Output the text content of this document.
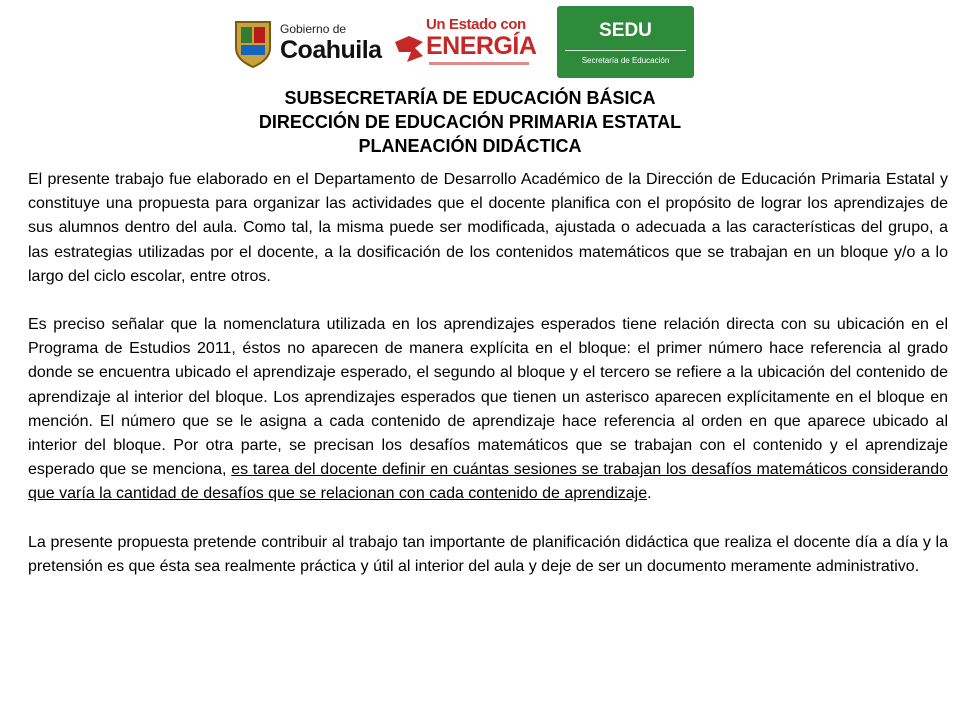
Gobierno de
Coahuila
Un Estado con
ENERGÍA
SEDU
Secretaría de Educación
SUBSECRETARÍA DE EDUCACIÓN BÁSICA
DIRECCIÓN DE EDUCACIÓN PRIMARIA ESTATAL
PLANEACIÓN DIDÁCTICA

El presente trabajo fue elaborado en el Departamento de Desarrollo Académico de la Dirección de Educación Primaria Estatal y constituye una propuesta para organizar las actividades que el docente planifica con el propósito de lograr los aprendizajes de sus alumnos dentro del aula. Como tal, la misma puede ser modificada, ajustada o adecuada a las características del grupo, a las estrategias utilizadas por el docente, a la dosificación de los contenidos matemáticos que se trabajan en un bloque y/o a lo largo del ciclo escolar, entre otros.

Es preciso señalar que la nomenclatura utilizada en los aprendizajes esperados tiene relación directa con su ubicación en el Programa de Estudios 2011, éstos no aparecen de manera explícita en el bloque: el primer número hace referencia al grado donde se encuentra ubicado el aprendizaje esperado, el segundo al bloque y el tercero se refiere a la ubicación del contenido de aprendizaje al interior del bloque. Los aprendizajes esperados que tienen un asterisco aparecen explícitamente en el bloque en mención. El número que se le asigna a cada contenido de aprendizaje hace referencia al orden en que aparece ubicado al interior del bloque. Por otra parte, se precisan los desafíos matemáticos que se trabajan con el contenido y el aprendizaje esperado que se menciona, es tarea del docente definir en cuántas sesiones se trabajan los desafíos matemáticos considerando que varía la cantidad de desafíos que se relacionan con cada contenido de aprendizaje.

La presente propuesta pretende contribuir al trabajo tan importante de planificación didáctica que realiza el docente día a día y la pretensión es que ésta sea realmente práctica y útil al interior del aula y deje de ser un documento meramente administrativo.
